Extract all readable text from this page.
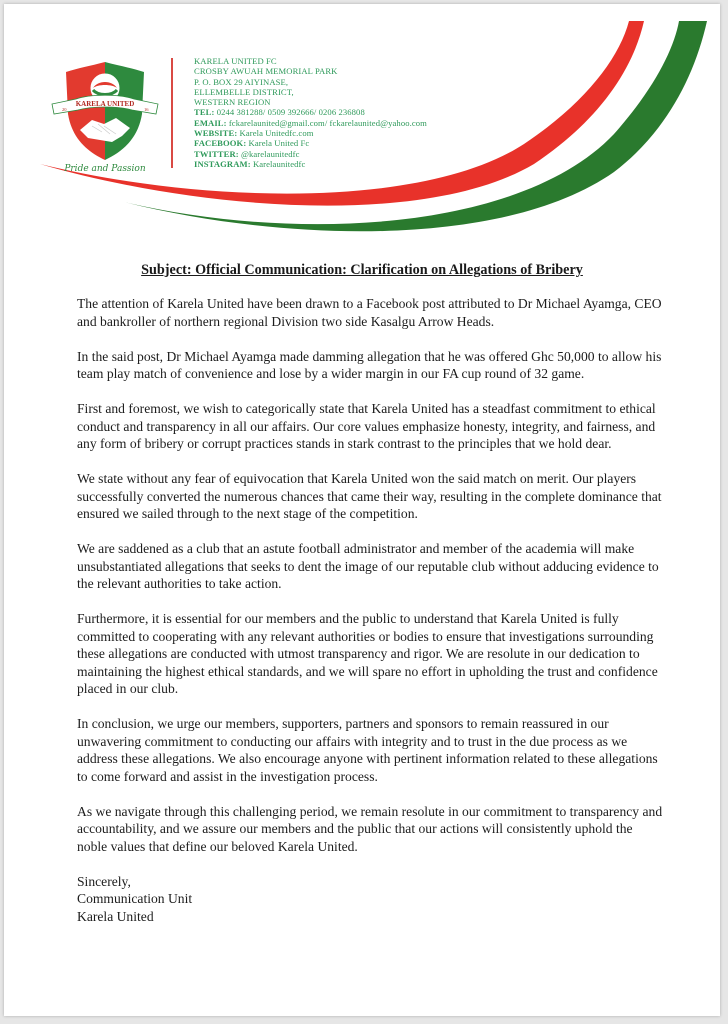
KARELA UNITED
20	16
Pride and Passion
KARELA UNITED FC
CROSBY AWUAH MEMORIAL PARK
P. O. BOX 29 AIYINASE,
ELLEMBELLE DISTRICT,
WESTERN REGION
TEL: 0244 381288/ 0509 392666/ 0206 236808
EMAIL: fckarelaunited@gmail.com/ fckarelaunited@yahoo.com
WEBSITE: Karela Unitedfc.com
FACEBOOK: Karela United Fc
TWITTER: @karelaunitedfc
INSTAGRAM: Karelaunitedfc
Subject: Official Communication: Clarification on Allegations of Bribery

The attention of Karela United have been drawn to a Facebook post attributed to Dr Michael Ayamga, CEO
and bankroller of northern regional Division two side Kasalgu Arrow Heads.

In the said post, Dr Michael Ayamga made damming allegation that he was offered Ghc 50,000 to allow his
team play match of convenience and lose by a wider margin in our FA cup round of 32 game.

First and foremost, we wish to categorically state that Karela United has a steadfast commitment to ethical
conduct and transparency in all our affairs. Our core values emphasize honesty, integrity, and fairness, and
any form of bribery or corrupt practices stands in stark contrast to the principles that we hold dear.

We state without any fear of equivocation that Karela United won the said match on merit. Our players
successfully converted the numerous chances that came their way, resulting in the complete dominance that
ensured we sailed through to the next stage of the competition.

We are saddened as a club that an astute football administrator and member of the academia will make
unsubstantiated allegations that seeks to dent the image of our reputable club without adducing evidence to
the relevant authorities to take action.

Furthermore, it is essential for our members and the public to understand that Karela United is fully
committed to cooperating with any relevant authorities or bodies to ensure that investigations surrounding
these allegations are conducted with utmost transparency and rigor. We are resolute in our dedication to
maintaining the highest ethical standards, and we will spare no effort in upholding the trust and confidence
placed in our club.

In conclusion, we urge our members, supporters, partners and sponsors to remain reassured in our
unwavering commitment to conducting our affairs with integrity and to trust in the due process as we
address these allegations. We also encourage anyone with pertinent information related to these allegations
to come forward and assist in the investigation process.

As we navigate through this challenging period, we remain resolute in our commitment to transparency and
accountability, and we assure our members and the public that our actions will consistently uphold the
noble values that define our beloved Karela United.

Sincerely,
Communication Unit
Karela United
